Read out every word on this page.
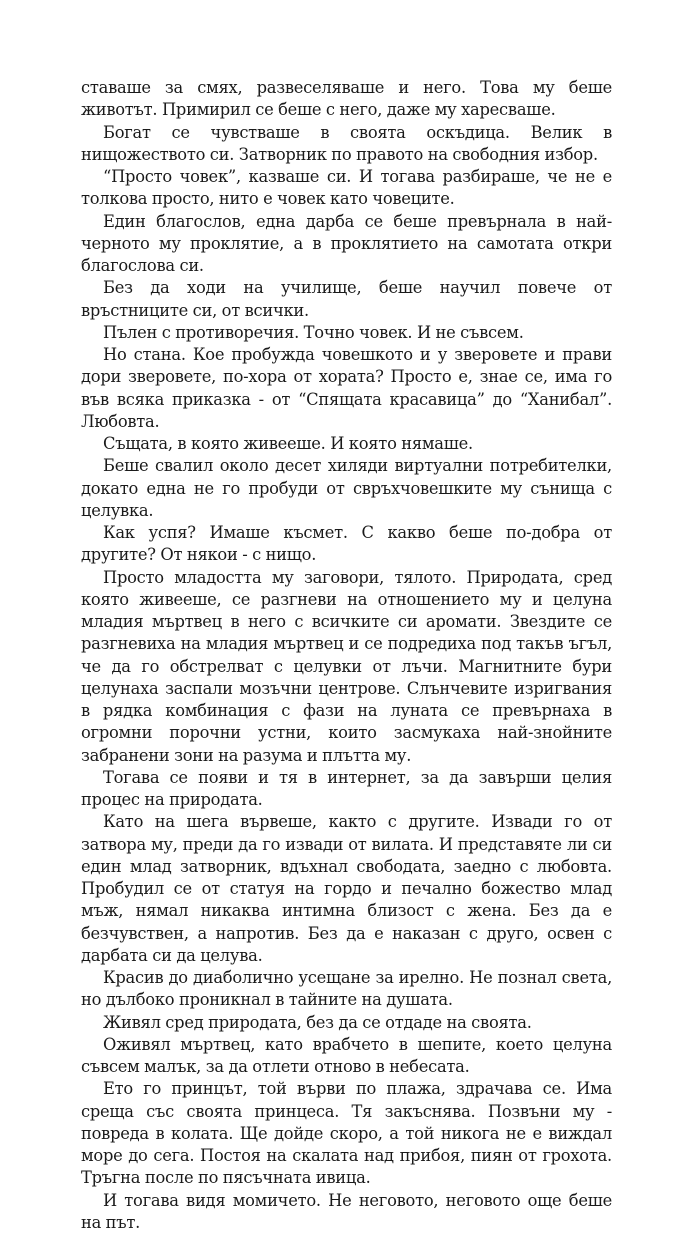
ставаше за смях, развеселяваше и него. Това му беше животът. Примирил се беше с него, даже му харесваше.

Богат се чувстваше в своята оскъдица. Велик в нищожеството си. Затворник по правото на свободния избор.

“Просто човек”, казваше си. И тогава разбираше, че не е толкова просто, нито е човек като човеците.

Един благослов, една дарба се беше превърнала в най-черното му проклятие, а в проклятието на самотата откри благослова си.

Без да ходи на училище, беше научил повече от връстниците си, от всички.

Пълен с противоречия. Точно човек. И не съвсем.

Но стана. Кое пробужда човешкото и у зверовете и прави дори зверовете, по-хора от хората? Просто е, знае се, има го във всяка приказка - от “Спящата красавица” до “Ханибал”. Любовта.

Същата, в която живееше. И която нямаше.

Беше свалил около десет хиляди виртуални потребителки, докато една не го пробуди от свръхчовешките му сънища с целувка.

Как успя? Имаше късмет. С какво беше по-добра от другите? От някои - с нищо.

Просто младостта му заговори, тялото. Природата, сред която живееше, се разгневи на отношението му и целуна младия мъртвец в него с всичките си аромати. Звездите се разгневиха на младия мъртвец и се подредиха под такъв ъгъл, че да го обстрелват с целувки от лъчи. Магнитните бури целунаха заспали мозъчни центрове. Слънчевите изригвания в рядка комбинация с фази на луната се превърнаха в огромни порочни устни, които засмукаха най-знойните забранени зони на разума и плътта му.

Тогава се появи и тя в интернет, за да завърши целия процес на природата.

Като на шега вървеше, както с другите. Извади го от затвора му, преди да го извади от вилата. И представяте ли си един млад затворник, вдъхнал свободата, заедно с любовта. Пробудил се от статуя на гордо и печално божество млад мъж, нямал никаква интимна близост с жена. Без да е безчувствен, а напротив. Без да е наказан с друго, освен с дарбата си да целува.

Красив до диаболично усещане за ирелно. Не познал света, но дълбоко проникнал в тайните на душата.

Живял сред природата, без да се отдаде на своята.

Оживял мъртвец, като врабчето в шепите, което целуна съвсем малък, за да отлети отново в небесата.

Ето го принцът, той върви по плажа, здрачава се. Има среща със своята принцеса. Тя закъснява. Позвъни му - повреда в колата. Ще дойде скоро, а той никога не е виждал море до сега. Постоя на скалата над прибоя, пиян от грохота. Тръгна после по пясъчната ивица.

И тогава видя момичето. Не неговото, неговото още беше на път.
